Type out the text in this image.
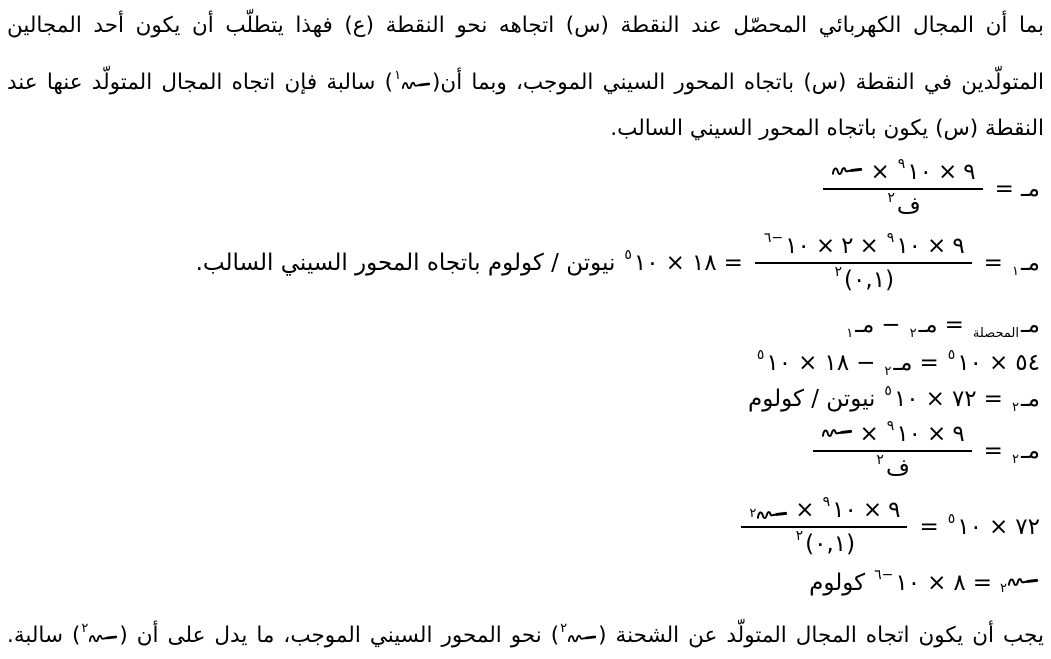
بما أن المجال الكهربائي المحصّل عند النقطة (س) اتجاهه نحو النقطة (ع) فهذا يتطلّب أن يكون أحد المجالين
المتولّدين في النقطة (س) باتجاه المحور السيني الموجب، وبما أن(
١
) سالبة فإن اتجاه المجال المتولّد عنها عند
النقطة (س) يكون باتجاه المحور السيني السالب.
مـ
=
٩
×
١٠
٩
×
ف
٢
مـ
١
=
٩
×
١٠
٩
×
٢
×
١٠
−٦
(٠,١)
٢
=
١٨
×
١٠
٥
نيوتن / كولوم باتجاه المحور السيني السالب.
مـ
المحصلة
=
مـ
٢
−
مـ
١
٥٤
×
١٠
٥
=
مـ
٢
−
١٨
×
١٠
٥
مـ
٢
=
٧٢
×
١٠
٥
نيوتن / كولوم
مـ
٢
=
٩
×
١٠
٩
×
ف
٢
٧٢
×
١٠
٥
=
٩
×
١٠
٩
×
٢
(٠,١)
٢
٢
=
٨
×
١٠
−٦
كولوم
يجب أن يكون اتجاه المجال المتولّد عن الشحنة (
٢
) نحو المحور السيني الموجب، ما يدل على أن (
٢
) سالبة.
